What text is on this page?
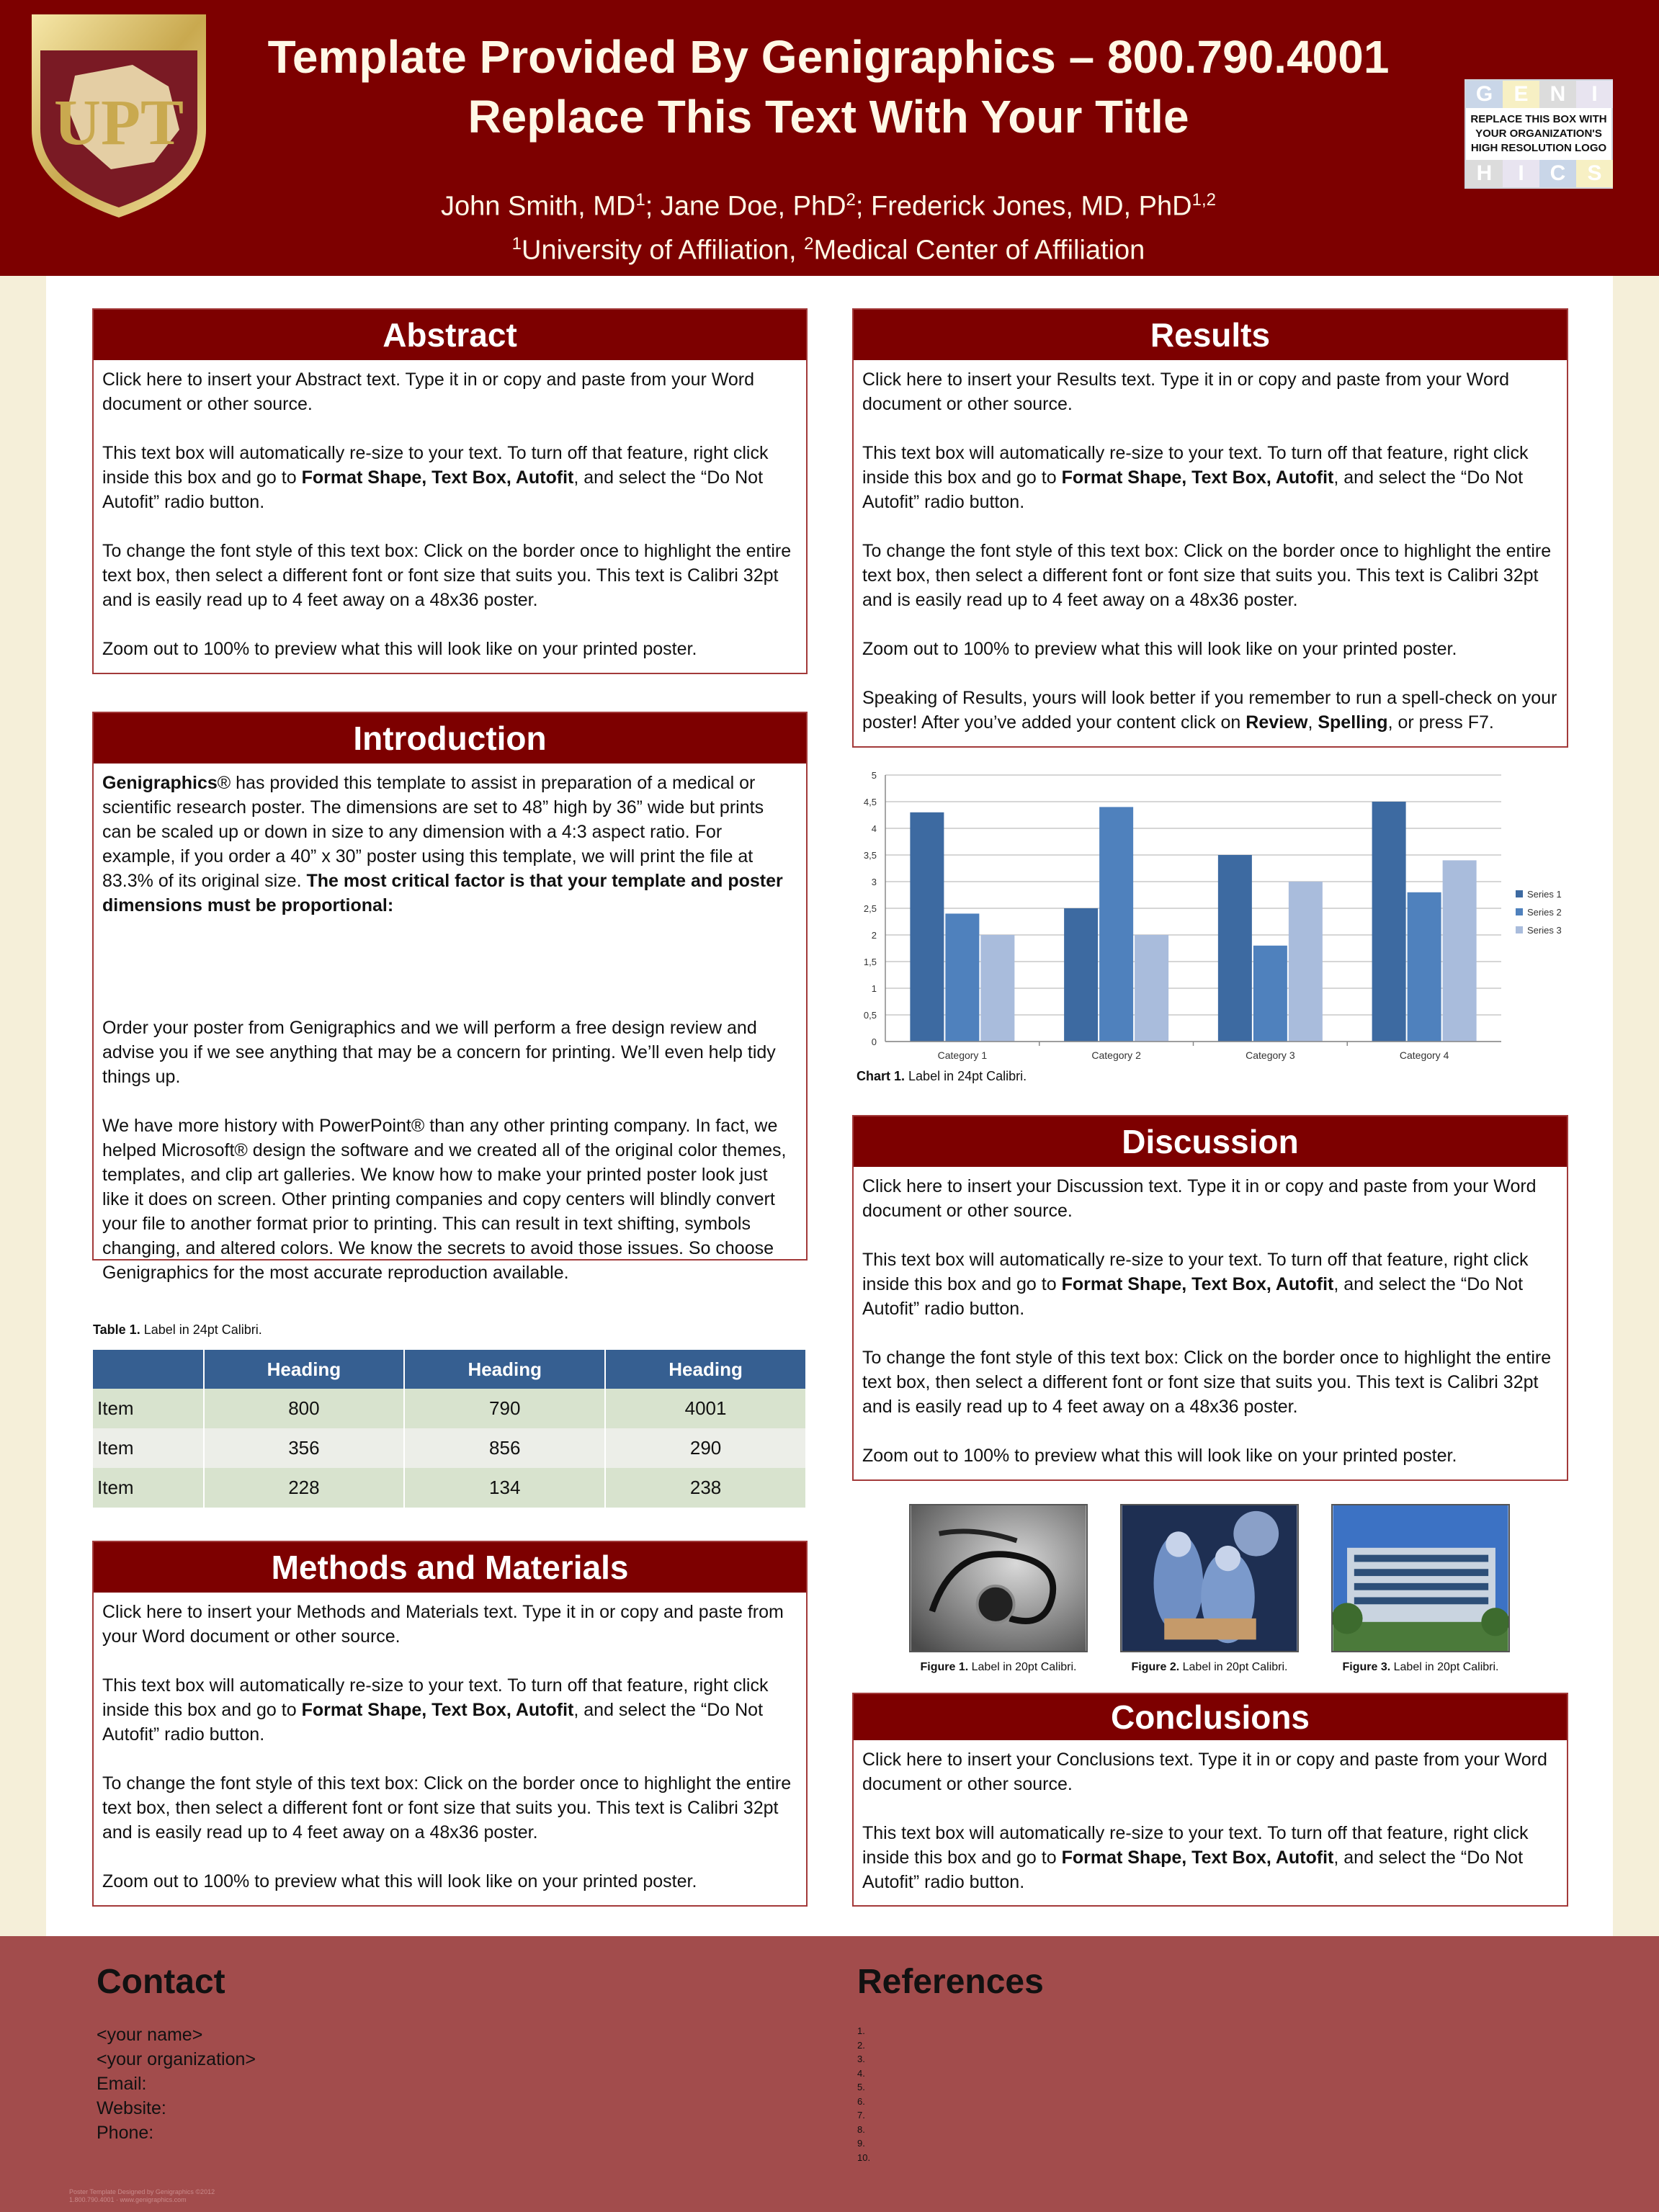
UPT
Template Provided By Genigraphics – 800.790.4001
Replace This Text With Your Title
John Smith, $MD^1$; Jane Doe, PhD$^2$; Frederick Jones, MD, PhD$^{1,2}$
$^1$University of Affiliation, $^2$Medical Center of Affiliation
G E	N	I
H	I	C	S
REPLACE THIS BOX WITH YOUR ORGANIZATION'S HIGH RESOLUTION LOGO
Abstract

Click here to insert your Abstract text. Type it in or copy and paste from your Word document or other source.

This text box will automatically re-size to your text. To turn off that feature, right click inside this box and go to Format Shape, Text Box, Autofit, and select the “Do Not Autofit” radio button.

To change the font style of this text box: Click on the border once to highlight the entire text box, then select a different font or font size that suits you. This text is Calibri 32pt and is easily read up to 4 feet away on a 48x36 poster.

Zoom out to 100% to preview what this will look like on your printed poster.

Introduction

Genigraphics® has provided this template to assist in preparation of a medical or scientific research poster. The dimensions are set to 48” high by 36” wide but prints can be scaled up or down in size to any dimension with a 4:3 aspect ratio. For example, if you order a 40” x 30” poster using this template, we will print the file at 83.3% of its original size. The most critical factor is that your template and poster dimensions must be proportional:

Order your poster from Genigraphics and we will perform a free design review and advise you if we see anything that may be a concern for printing. We’ll even help tidy things up.

We have more history with PowerPoint® than any other printing company. In fact, we helped Microsoft® design the software and we created all of the original color themes, templates, and clip art galleries. We know how to make your printed poster look just like it does on screen. Other printing companies and copy centers will blindly convert your file to another format prior to printing. This can result in text shifting, symbols changing, and altered colors. We know the secrets to avoid those issues. So choose Genigraphics for the most accurate reproduction available.

Table 1. Label in 24pt Calibri.
	Heading	Heading	Heading
Item	800	790	4001
Item	356	856	290
Item	228	134	238
Methods and Materials

Click here to insert your Methods and Materials text. Type it in or copy and paste from your Word document or other source.

This text box will automatically re-size to your text. To turn off that feature, right click inside this box and go to Format Shape, Text Box, Autofit, and select the “Do Not Autofit” radio button.

To change the font style of this text box: Click on the border once to highlight the entire text box, then select a different font or font size that suits you. This text is Calibri 32pt and is easily read up to 4 feet away on a 48x36 poster.

Zoom out to 100% to preview what this will look like on your printed poster.

Results

Click here to insert your Results text. Type it in or copy and paste from your Word document or other source.

This text box will automatically re-size to your text. To turn off that feature, right click inside this box and go to Format Shape, Text Box, Autofit, and select the “Do Not Autofit” radio button.

To change the font style of this text box: Click on the border once to highlight the entire text box, then select a different font or font size that suits you. This text is Calibri 32pt and is easily read up to 4 feet away on a 48x36 poster.

Zoom out to 100% to preview what this will look like on your printed poster.

Speaking of Results, yours will look better if you remember to run a spell-check on your poster! After you’ve added your content click on Review, Spelling, or press F7.

0
0,5
1
1,5
2
2,5
3
3,5
4
4,5
5
Category 1	Category 2	Category 3	Category 4
Series 1
Series 2
Series 3
Chart 1. Label in 24pt Calibri.
Discussion

Click here to insert your Discussion text. Type it in or copy and paste from your Word document or other source.

This text box will automatically re-size to your text. To turn off that feature, right click inside this box and go to Format Shape, Text Box, Autofit, and select the “Do Not Autofit” radio button.

To change the font style of this text box: Click on the border once to highlight the entire text box, then select a different font or font size that suits you. This text is Calibri 32pt and is easily read up to 4 feet away on a 48x36 poster.

Zoom out to 100% to preview what this will look like on your printed poster.

Figure 1. Label in 20pt Calibri.	Figure 2. Label in 20pt Calibri.	Figure 3. Label in 20pt Calibri.
Conclusions

Click here to insert your Conclusions text. Type it in or copy and paste from your Word document or other source.

This text box will automatically re-size to your text. To turn off that feature, right click inside this box and go to Format Shape, Text Box, Autofit, and select the “Do Not Autofit” radio button.

Contact
<your name>
<your organization>
Email:
Website:
Phone:
References
1.
2.
3.
4.
5.
6.
7.
8.
9.
10.
Poster Template Designed by Genigraphics ©2012
1.800.790.4001 · www.genigraphics.com
